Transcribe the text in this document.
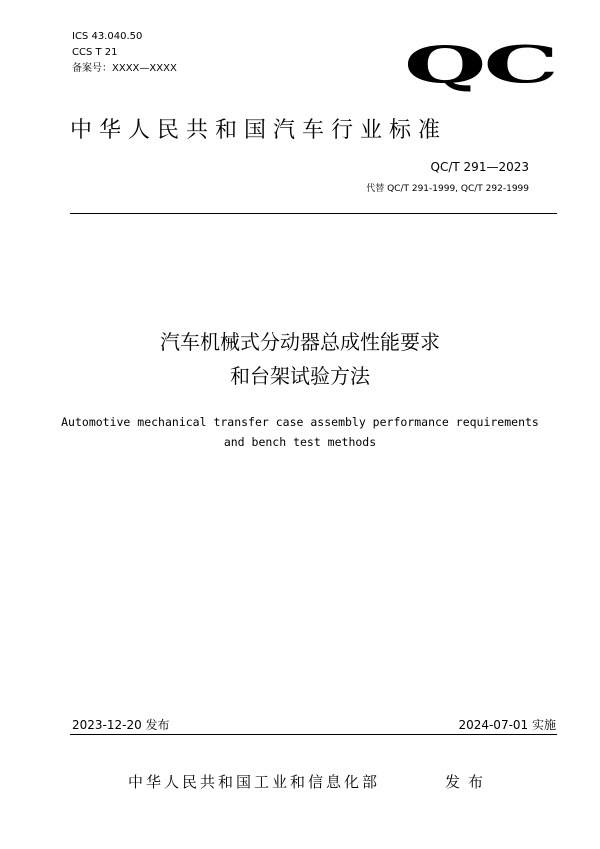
ICS 43.040.50
CCS T 21
备案号：XXXX—XXXX	QC
中华人民共和国汽车行业标准
QC/T 291—2023
代替 QC/T 291-1999, QC/T 292-1999
汽车机械式分动器总成性能要求
和台架试验方法
Automotive mechanical transfer case assembly performance requirements
and bench test methods
2023-12-20 发布	2024-07-01 实施
中华人民共和国工业和信息化部	发布
